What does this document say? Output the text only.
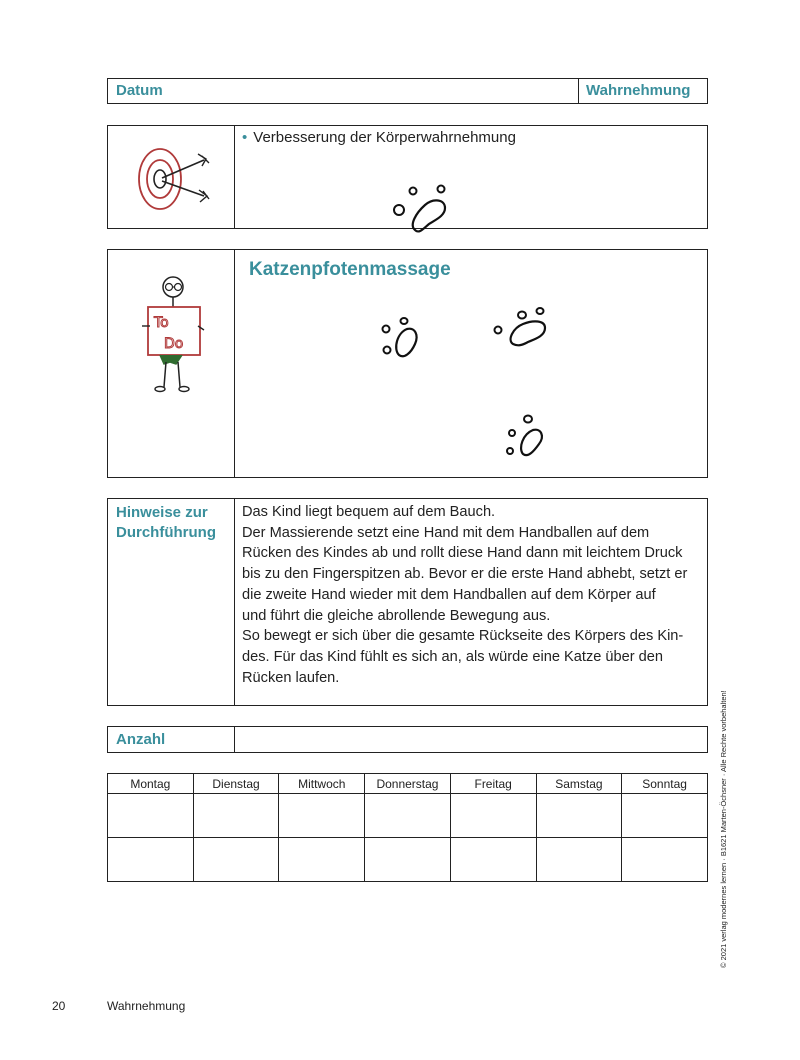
Datum	Wahrnehmung
• Verbesserung der Körperwahrnehmung
To
Do
Katzenpfotenmassage
Hinweise zur
Durchführung
Das Kind liegt bequem auf dem Bauch.
Der Massierende setzt eine Hand mit dem Handballen auf dem
Rücken des Kindes ab und rollt diese Hand dann mit leichtem Druck
bis zu den Fingerspitzen ab. Bevor er die erste Hand abhebt, setzt er
die zweite Hand wieder mit dem Handballen auf dem Körper auf
und führt die gleiche abrollende Bewegung aus.
So bewegt er sich über die gesamte Rückseite des Körpers des Kin-
des. Für das Kind fühlt es sich an, als würde eine Katze über den
Rücken laufen.
Anzahl
Montag	Dienstag	Mittwoch	Donnerstag	Freitag	Samstag	Sonntag

20	Wahrnehmung
© 2021 verlag modernes lernen · B1621 Marten-Öchsner · Alle Rechte vorbehalten!
